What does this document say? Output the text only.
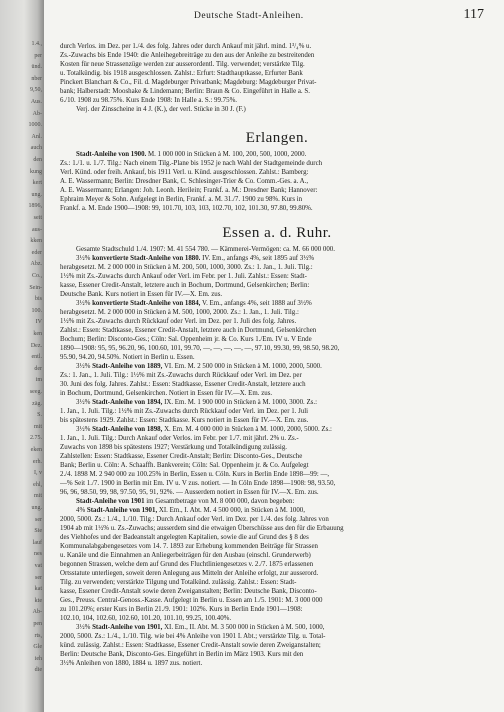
1.4.,
per
ünd.
nber
9,50,
Aus.
Ab-
1000.
Anl.
auch
den
kung
kert
ung.
1896,
seit
aus-
kken
eder
Abz.
Co.,
Sein-
bis
100.
IV
ken
Dez.
entl.
der
im
seeg.
zäg.
S.
mit
2.75.
eken
erh.
I, v
ehl,
mit
ung.
ser
Sie
lauf
nes
vat
ser
kat
kte
Ab-
pen
rts,
Gle
ieh
die
Deutsche Stadt-Anleihen.	117
durch Verlos. im Dez. per 1./4. des folg. Jahres oder durch Ankauf mit jährl. mind. 1³/₄% u.
Zs.-Zuwachs bis Ende 1940: die Anleihegebreiträge zu den aus der Anleihe zu bestreitenden
Kosten für neue Strassenzüge werden zur ausserordentl. Tilg. verwendet; verstärkte Tilg.
u. Totalkündig. bis 1918 ausgeschlossen. Zahlst.: Erfurt: Stadthauptkasse, Erfurter Bank
Pinckert Blanchart & Co., Fil. d. Magdeburger Privatbank; Magdeburg: Magdeburger Privat-
bank; Halberstadt: Mooshake & Lindemann; Berlin: Braun & Co. Eingeführt in Halle a. S.
6./10. 1908 zu 98.75%. Kurs Ende 1908: In Halle a. S.: 99.75%.
Verj. der Zinsscheine in 4 J. (K.), der verl. Stücke in 30 J. (F.)
Erlangen.
Stadt-Anleihe von 1900. M. 1 000 000 in Stücken à M. 100, 200, 500, 1000, 2000.
Zs.: 1./1. u. 1./7. Tilg.: Nach einem Tilg.-Plane bis 1952 je nach Wahl der Stadtgemeinde durch
Verl. Künd. oder freih. Ankauf, bis 1911 Verl. u. Künd. ausgeschlossen. Zahlst.: Bamberg:
A. E. Wassermann; Berlin: Dresdner Bank, C. Schlesinger-Trier & Co. Comm.-Ges. a. A.,
A. E. Wassermann; Erlangen: Joh. Leonh. Herilein; Frankf. a. M.: Dresdner Bank; Hannover:
Ephraim Meyer & Sohn. Aufgelegt in Berlin, Frankf. a. M. 31./7. 1900 zu 98%. Kurs in
Frankf. a. M. Ende 1900—1908: 99, 101.70, 103, 103, 102.70, 102, 101.30, 97.80, 99.80%.
Essen a. d. Ruhr.
Gesamte Stadtschuld 1./4. 1907: M. 41 554 780. — Kämmerei-Vermögen: ca. M. 66 000 000.
3½% konvertierte Stadt-Anleihe von 1880. IV. Em., anfangs 4%, seit 1895 auf 3½%
herabgesetzt. M. 2 000 000 in Stücken à M. 200, 500, 1000, 3000. Zs.: 1. Jan., 1. Juli. Tilg.:
1½% mit Zs.-Zuwachs durch Ankauf oder Verl. im Febr. per 1. Juli. Zahlst.: Essen: Stadt-
kasse, Essener Credit-Anstalt, letztere auch in Bochum, Dortmund, Gelsenkirchen; Berlin:
Deutsche Bank. Kurs notiert in Essen für IV.—X. Em. zus.
3½% konvertierte Stadt-Anleihe von 1884, V. Em., anfangs 4%, seit 1888 auf 3½%
herabgesetzt. M. 2 000 000 in Stücken à M. 500, 1000, 2000. Zs.: 1. Jan., 1. Juli. Tilg.:
1½% mit Zs.-Zuwachs durch Rückkauf oder Verl. im Dez. per 1. Juli des folg. Jahres.
Zahlst.: Essen: Stadtkasse, Essener Credit-Anstalt, letztere auch in Dortmund, Gelsenkirchen
Bochum; Berlin: Disconto-Ges.; Cöln: Sal. Oppenheim jr. & Co. Kurs 1./Em. IV u. V Ende
1890—1908: 95, 95, 96.20, 96, 100.60, 101, 99.70, —, —, —, —, —, 97.10, 99.30, 99, 98.50, 98.20,
95.90, 94.20, 94.50%. Notiert in Berlin u. Essen.
3½% Stadt-Anleihe von 1889, VI. Em. M. 2 500 000 in Stücken à M. 1000, 2000, 5000.
Zs.: 1. Jan., 1. Juli. Tilg.: 1½% mit Zs.-Zuwachs durch Rückkauf oder Verl. im Dez. per
30. Juni des folg. Jahres. Zahlst.: Essen: Stadtkasse, Essener Credit-Anstalt, letztere auch
in Bochum, Dortmund, Gelsenkirchen. Notiert in Essen für IV.—X. Em. zus.
3½% Stadt-Anleihe von 1894, IX. Em. M. 1 900 000 in Stücken à M. 1000, 3000. Zs.:
1. Jan., 1. Juli. Tilg.: 1½% mit Zs.-Zuwachs durch Rückkauf oder Verl. im Dez. per 1. Juli
bis spätestens 1929. Zahlst.: Essen: Stadtkasse. Kurs notiert in Essen für IV.—X. Em. zus.
3½% Stadt-Anleihe von 1898, X. Em. M. 4 000 000 in Stücken à M. 1000, 2000, 5000. Zs.:
1. Jan., 1. Juli. Tilg.: Durch Ankauf oder Verlos. im Febr. per 1./7. mit jährl. 2% u. Zs.-
Zuwachs von 1898 bis spätestens 1927; Verstärkung und Totalkündigung zulässig.
Zahlstellen: Essen: Stadtkasse, Essener Credit-Anstalt; Berlin: Disconto-Ges., Deutsche
Bank; Berlin u. Cöln: A. Schaaffh. Bankverein; Cöln: Sal. Oppenheim jr. & Co. Aufgelegt
2./4. 1898 M. 2 940 000 zu 100.25% in Berlin, Essen u. Cöln. Kurs in Berlin Ende 1898—99: —,
—% Seit 1./7. 1900 in Berlin mit Em. IV u. V zus. notiert. — In Cöln Ende 1898—1908: 98, 93.50,
96, 96, 98.50, 99, 98, 97.50, 95, 91, 92%. — Ausserdem notiert in Essen für IV.—X. Em. zus.
Stadt-Anleihe von 1901 im Gesamtbetrage von M. 8 000 000, davon begeben:
4% Stadt-Anleihe von 1901, XI. Em., I. Abt. M. 4 500 000, in Stücken à M. 1000,
2000, 5000. Zs.: 1./4., 1./10. Tilg.: Durch Ankauf oder Verl. im Dez. per 1./4. des folg. Jahres von
1904 ab mit 1½% u. Zs.-Zuwachs; ausserdem sind die etwaigen Überschüsse aus den für die Erbauung
des Viehhofes und der Badeanstalt angelegten Kapitalien, sowie die auf Grund des § 8 des
Kommunalabgabengesetzes vom 14. 7. 1893 zur Erhebung kommenden Beiträge für Strassen
u. Kanäle und die Einnahmen an Anliegerbeiträgen für den Ausbau (einschl. Grunderwerb)
begonnen Strassen, welche dem auf Grund des Fluchtliniengesetzes v. 2./7. 1875 erlassenen
Ortsstatute unterliegen, soweit deren Anlegung aus Mitteln der Anleihe erfolgt, zur ausserord.
Tilg. zu verwenden; verstärkte Tilgung und Totalkünd. zulässig. Zahlst.: Essen: Stadt-
kasse, Essener Credit-Anstalt sowie deren Zweiganstalten; Berlin: Deutsche Bank, Disconto-
Ges., Preuss. Central-Genoss.-Kasse. Aufgelegt in Berlin u. Essen am 1./5. 1901: M. 3 000 000
zu 101.20%; erster Kurs in Berlin 21./9. 1901: 102%. Kurs in Berlin Ende 1901—1908:
102.10, 104, 102.60, 102.60, 101.20, 101.10, 99.25, 100.40%.
3½% Stadt-Anleihe von 1901, XI. Em., II. Abt. M. 3 500 000 in Stücken à M. 500, 1000,
2000, 5000. Zs.: 1./4., 1./10. Tilg. wie bei 4% Anleihe von 1901 I. Abt.; verstärkte Tilg. u. Total-
künd. zulässig. Zahlst.: Essen: Stadtkasse, Essener Credit-Anstalt sowie deren Zweiganstalten;
Berlin: Deutsche Bank, Disconto-Ges. Eingeführt in Berlin im März 1903. Kurs mit den
3½% Anleihen von 1880, 1884 u. 1897 zus. notiert.
